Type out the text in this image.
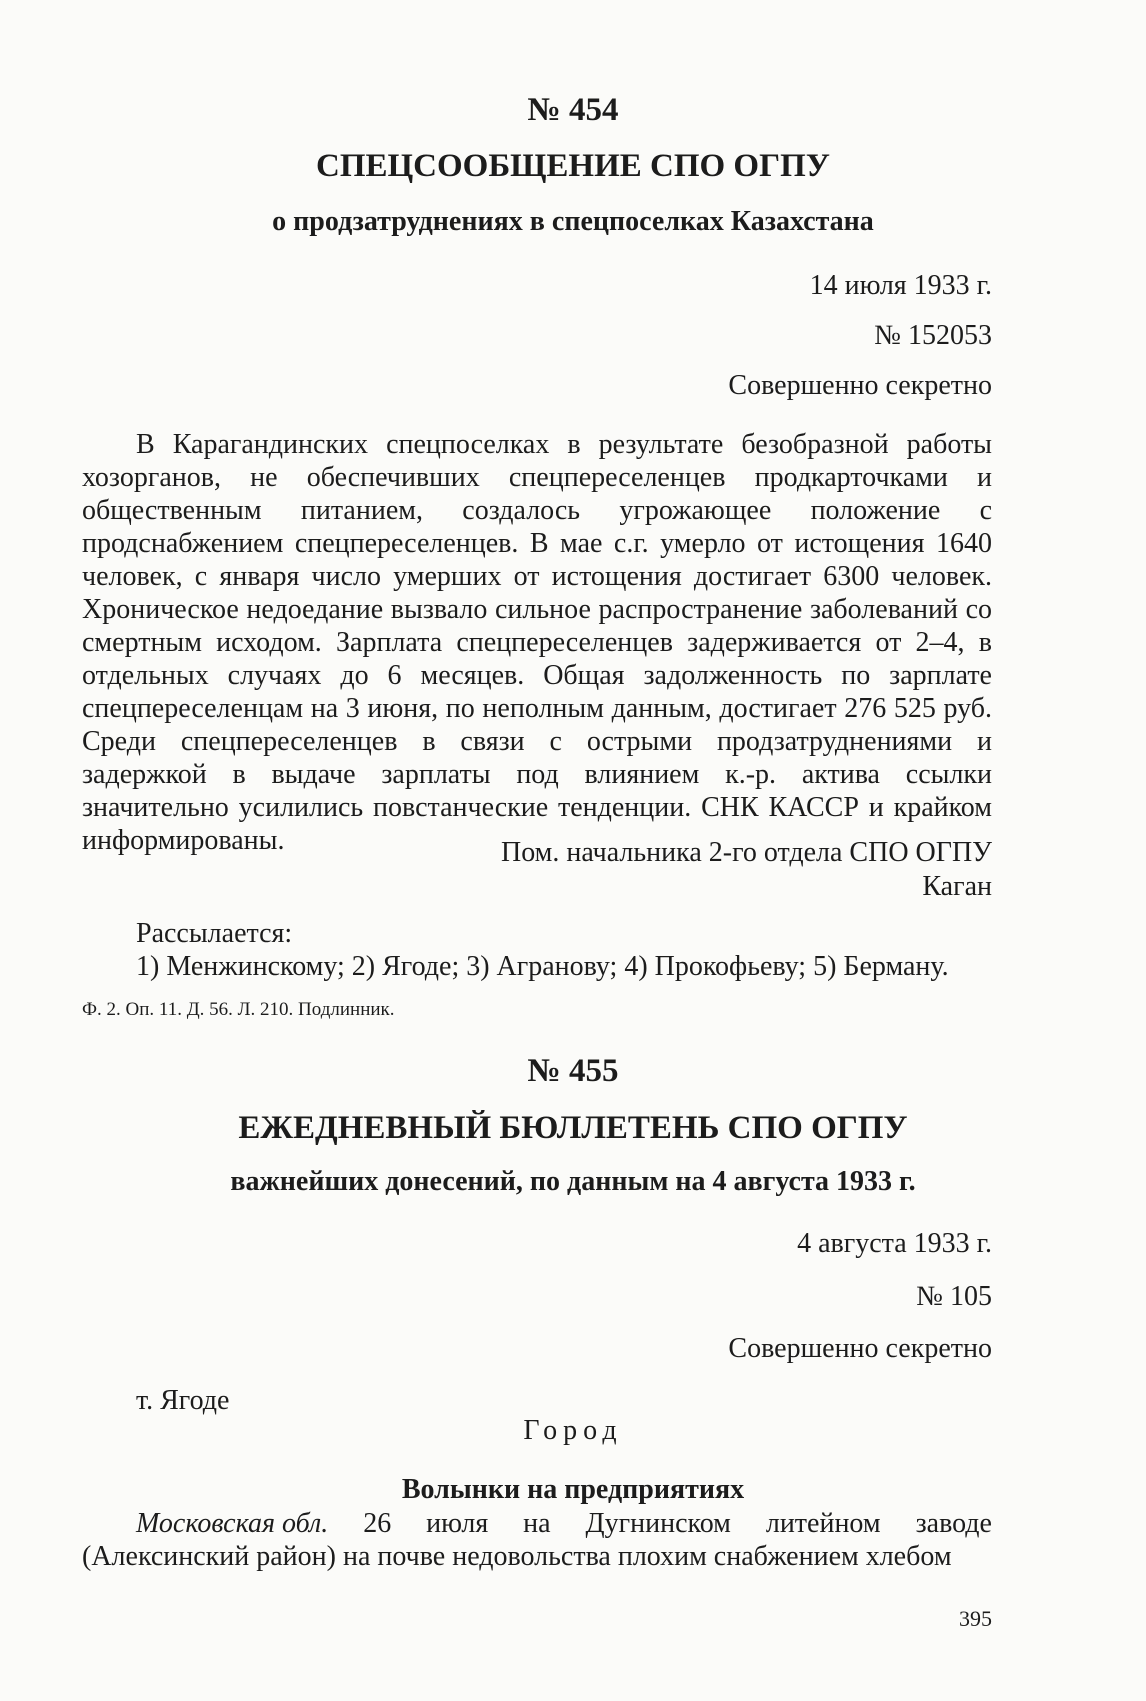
№ 454
СПЕЦСООБЩЕНИЕ СПО ОГПУ
о продзатруднениях в спецпоселках Казахстана
14 июля 1933 г.
№ 152053
Совершенно секретно

В Карагандинских спецпоселках в результате безобразной работы хозорганов, не обеспечивших спецпереселенцев продкарточками и общественным питанием, создалось угрожающее положение с продснабжением спецпереселенцев. В мае с.г. умерло от истощения 1640 человек, с января число умерших от истощения достигает 6300 человек. Хроническое недоедание вызвало сильное распространение заболеваний со смертным исходом. Зарплата спецпереселенцев задерживается от 2–4, в отдельных случаях до 6 месяцев. Общая задолженность по зарплате спецпереселенцам на 3 июня, по неполным данным, достигает 276 525 руб. Среди спецпереселенцев в связи с острыми продзатруднениями и задержкой в выдаче зарплаты под влиянием к.-р. актива ссылки значительно усилились повстанческие тенденции. СНК КАССР и крайком информированы.	Пом. начальника 2-го отдела СПО ОГПУ
Каган
Рассылается:
1) Менжинскому; 2) Ягоде; 3) Агранову; 4) Прокофьеву; 5) Берману.
Ф. 2. Оп. 11. Д. 56. Л. 210. Подлинник.
№ 455
ЕЖЕДНЕВНЫЙ БЮЛЛЕТЕНЬ СПО ОГПУ
важнейших донесений, по данным на 4 августа 1933 г.
4 августа 1933 г.
№ 105
Совершенно секретно
т. Ягоде
Город
Волынки на предприятиях
Московская обл. 26 июля на Дугнинском литейном заводе
(Алексинский район) на почве недовольства плохим снабжением хлебом
395
